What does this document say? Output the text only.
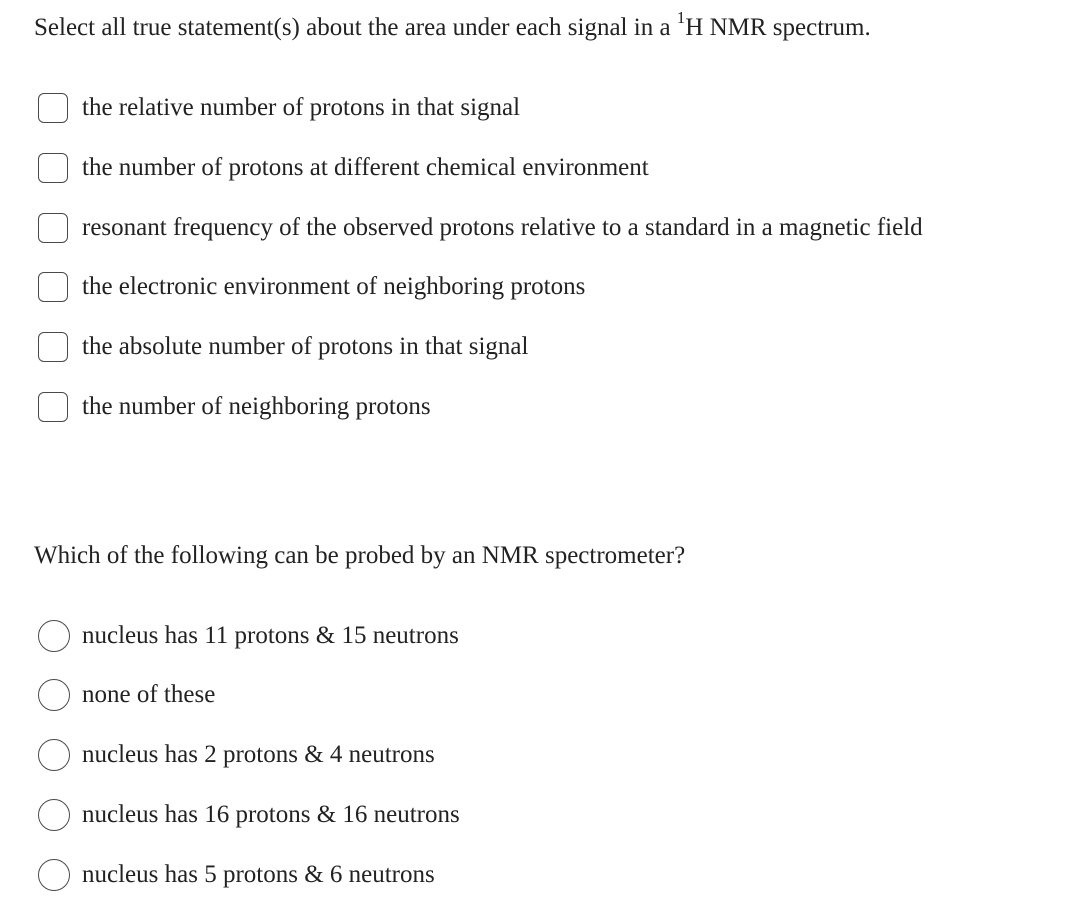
Select all true statement(s) about the area under each signal in a $^1$H NMR spectrum.
the relative number of protons in that signal
the number of protons at different chemical environment
resonant frequency of the observed protons relative to a standard in a magnetic field
the electronic environment of neighboring protons
the absolute number of protons in that signal
the number of neighboring protons
Which of the following can be probed by an NMR spectrometer?
nucleus has 11 protons & 15 neutrons
none of these
nucleus has 2 protons & 4 neutrons
nucleus has 16 protons & 16 neutrons
nucleus has 5 protons & 6 neutrons
